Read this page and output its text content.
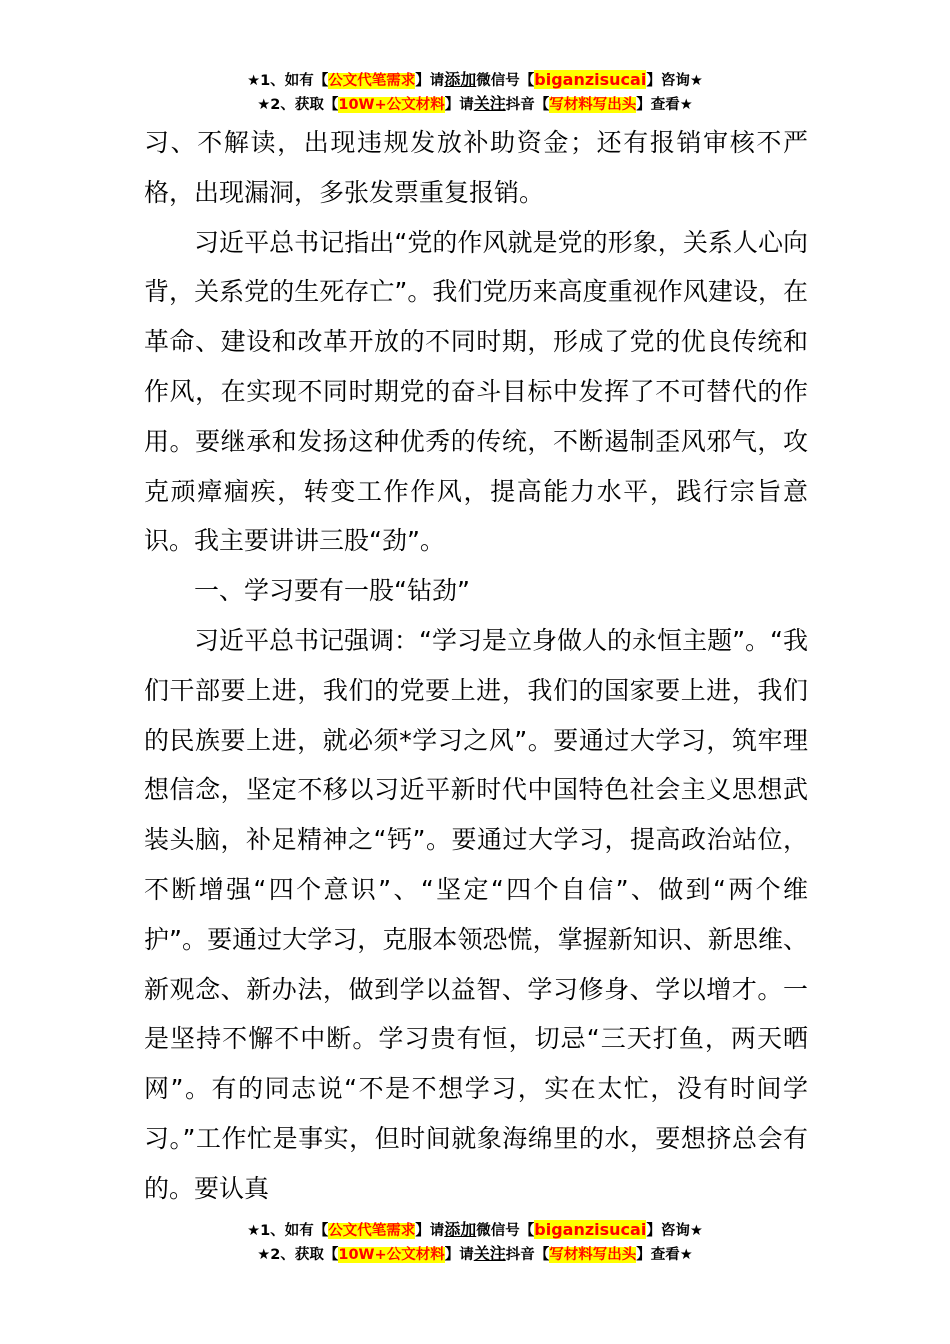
★1、如有【公文代笔需求】请添加微信号【biganzisucai】咨询★
★2、获取【10W+公文材料】请关注抖音【写材料写出头】查看★

习、不解读，出现违规发放补助资金；还有报销审核不严格，出现漏洞，多张发票重复报销。

习近平总书记指出“党的作风就是党的形象，关系人心向背，关系党的生死存亡”。我们党历来高度重视作风建设，在革命、建设和改革开放的不同时期，形成了党的优良传统和作风，在实现不同时期党的奋斗目标中发挥了不可替代的作用。要继承和发扬这种优秀的传统，不断遏制歪风邪气，攻克顽瘴痼疾，转变工作作风，提高能力水平，践行宗旨意识。我主要讲讲三股“劲”。

一、学习要有一股“钻劲”

习近平总书记强调：“学习是立身做人的永恒主题”。“我们干部要上进，我们的党要上进，我们的国家要上进，我们的民族要上进，就必须*学习之风”。要通过大学习，筑牢理想信念，坚定不移以习近平新时代中国特色社会主义思想武装头脑，补足精神之“钙”。要通过大学习，提高政治站位，不断增强“四个意识”、“坚定“四个自信”、做到“两个维护”。要通过大学习，克服本领恐慌，掌握新知识、新思维、新观念、新办法，做到学以益智、学习修身、学以增才。一是坚持不懈不中断。学习贵有恒，切忌“三天打鱼，两天晒网”。有的同志说“不是不想学习，实在太忙，没有时间学习。”工作忙是事实，但时间就象海绵里的水，要想挤总会有的。要认真

★1、如有【公文代笔需求】请添加微信号【biganzisucai】咨询★
★2、获取【10W+公文材料】请关注抖音【写材料写出头】查看★
